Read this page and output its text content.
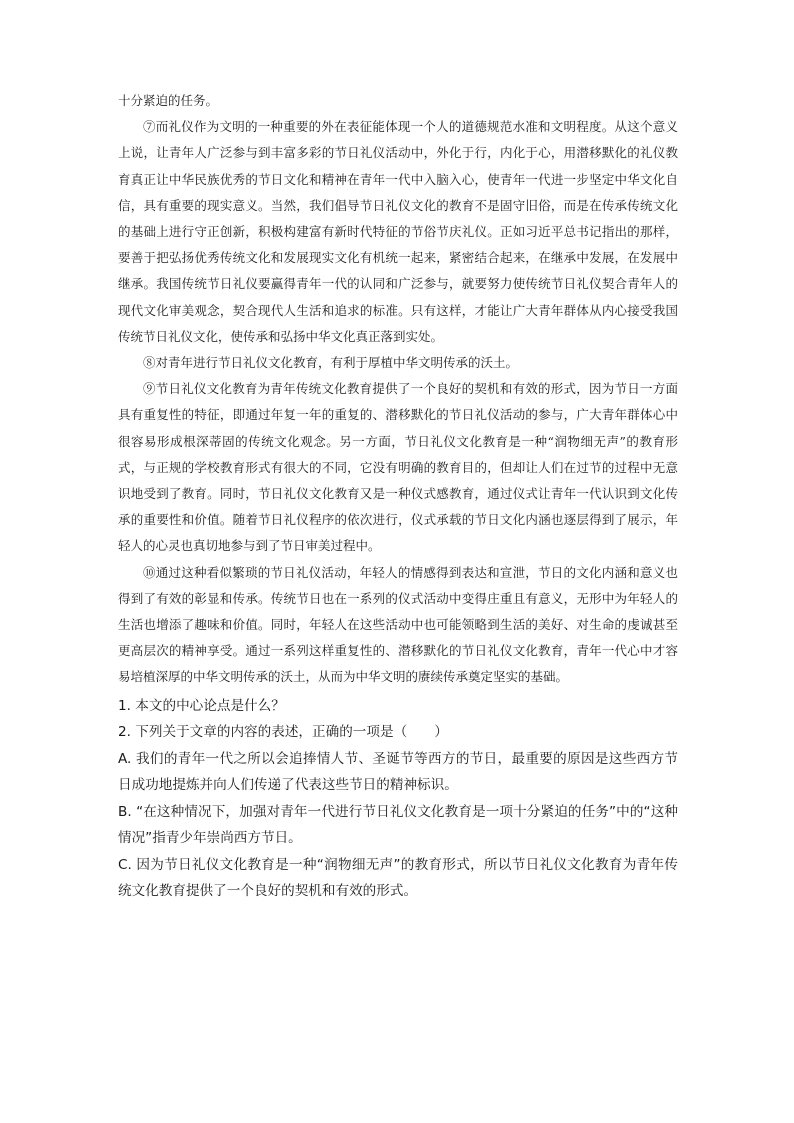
十分紧迫的任务。

⑦而礼仪作为文明的一种重要的外在表征能体现一个人的道德规范水准和文明程度。从这个意义上说，让青年人广泛参与到丰富多彩的节日礼仪活动中，外化于行，内化于心，用潜移默化的礼仪教育真正让中华民族优秀的节日文化和精神在青年一代中入脑入心，使青年一代进一步坚定中华文化自信，具有重要的现实意义。当然，我们倡导节日礼仪文化的教育不是固守旧俗，而是在传承传统文化的基础上进行守正创新，积极构建富有新时代特征的节俗节庆礼仪。正如习近平总书记指出的那样，要善于把弘扬优秀传统文化和发展现实文化有机统一起来，紧密结合起来，在继承中发展，在发展中继承。我国传统节日礼仪要赢得青年一代的认同和广泛参与，就要努力使传统节日礼仪契合青年人的现代文化审美观念，契合现代人生活和追求的标准。只有这样，才能让广大青年群体从内心接受我国传统节日礼仪文化，使传承和弘扬中华文化真正落到实处。

⑧对青年进行节日礼仪文化教育，有利于厚植中华文明传承的沃土。

⑨节日礼仪文化教育为青年传统文化教育提供了一个良好的契机和有效的形式，因为节日一方面具有重复性的特征，即通过年复一年的重复的、潜移默化的节日礼仪活动的参与，广大青年群体心中很容易形成根深蒂固的传统文化观念。另一方面，节日礼仪文化教育是一种“润物细无声”的教育形式，与正规的学校教育形式有很大的不同，它没有明确的教育目的，但却让人们在过节的过程中无意识地受到了教育。同时，节日礼仪文化教育又是一种仪式感教育，通过仪式让青年一代认识到文化传承的重要性和价值。随着节日礼仪程序的依次进行，仪式承载的节日文化内涵也逐层得到了展示，年轻人的心灵也真切地参与到了节日审美过程中。

⑩通过这种看似繁琐的节日礼仪活动，年轻人的情感得到表达和宣泄，节日的文化内涵和意义也得到了有效的彰显和传承。传统节日也在一系列的仪式活动中变得庄重且有意义，无形中为年轻人的生活也增添了趣味和价值。同时，年轻人在这些活动中也可能领略到生活的美好、对生命的虔诚甚至更高层次的精神享受。通过一系列这样重复性的、潜移默化的节日礼仪文化教育，青年一代心中才容易培植深厚的中华文明传承的沃土，从而为中华文明的赓续传承奠定坚实的基础。

1. 本文的中心论点是什么？

2. 下列关于文章的内容的表述，正确的一项是（　　）

A. 我们的青年一代之所以会追捧情人节、圣诞节等西方的节日，最重要的原因是这些西方节日成功地提炼并向人们传递了代表这些节日的精神标识。

B. “在这种情况下，加强对青年一代进行节日礼仪文化教育是一项十分紧迫的任务”中的“这种情况”指青少年崇尚西方节日。

C. 因为节日礼仪文化教育是一种“润物细无声”的教育形式，所以节日礼仪文化教育为青年传统文化教育提供了一个良好的契机和有效的形式。
